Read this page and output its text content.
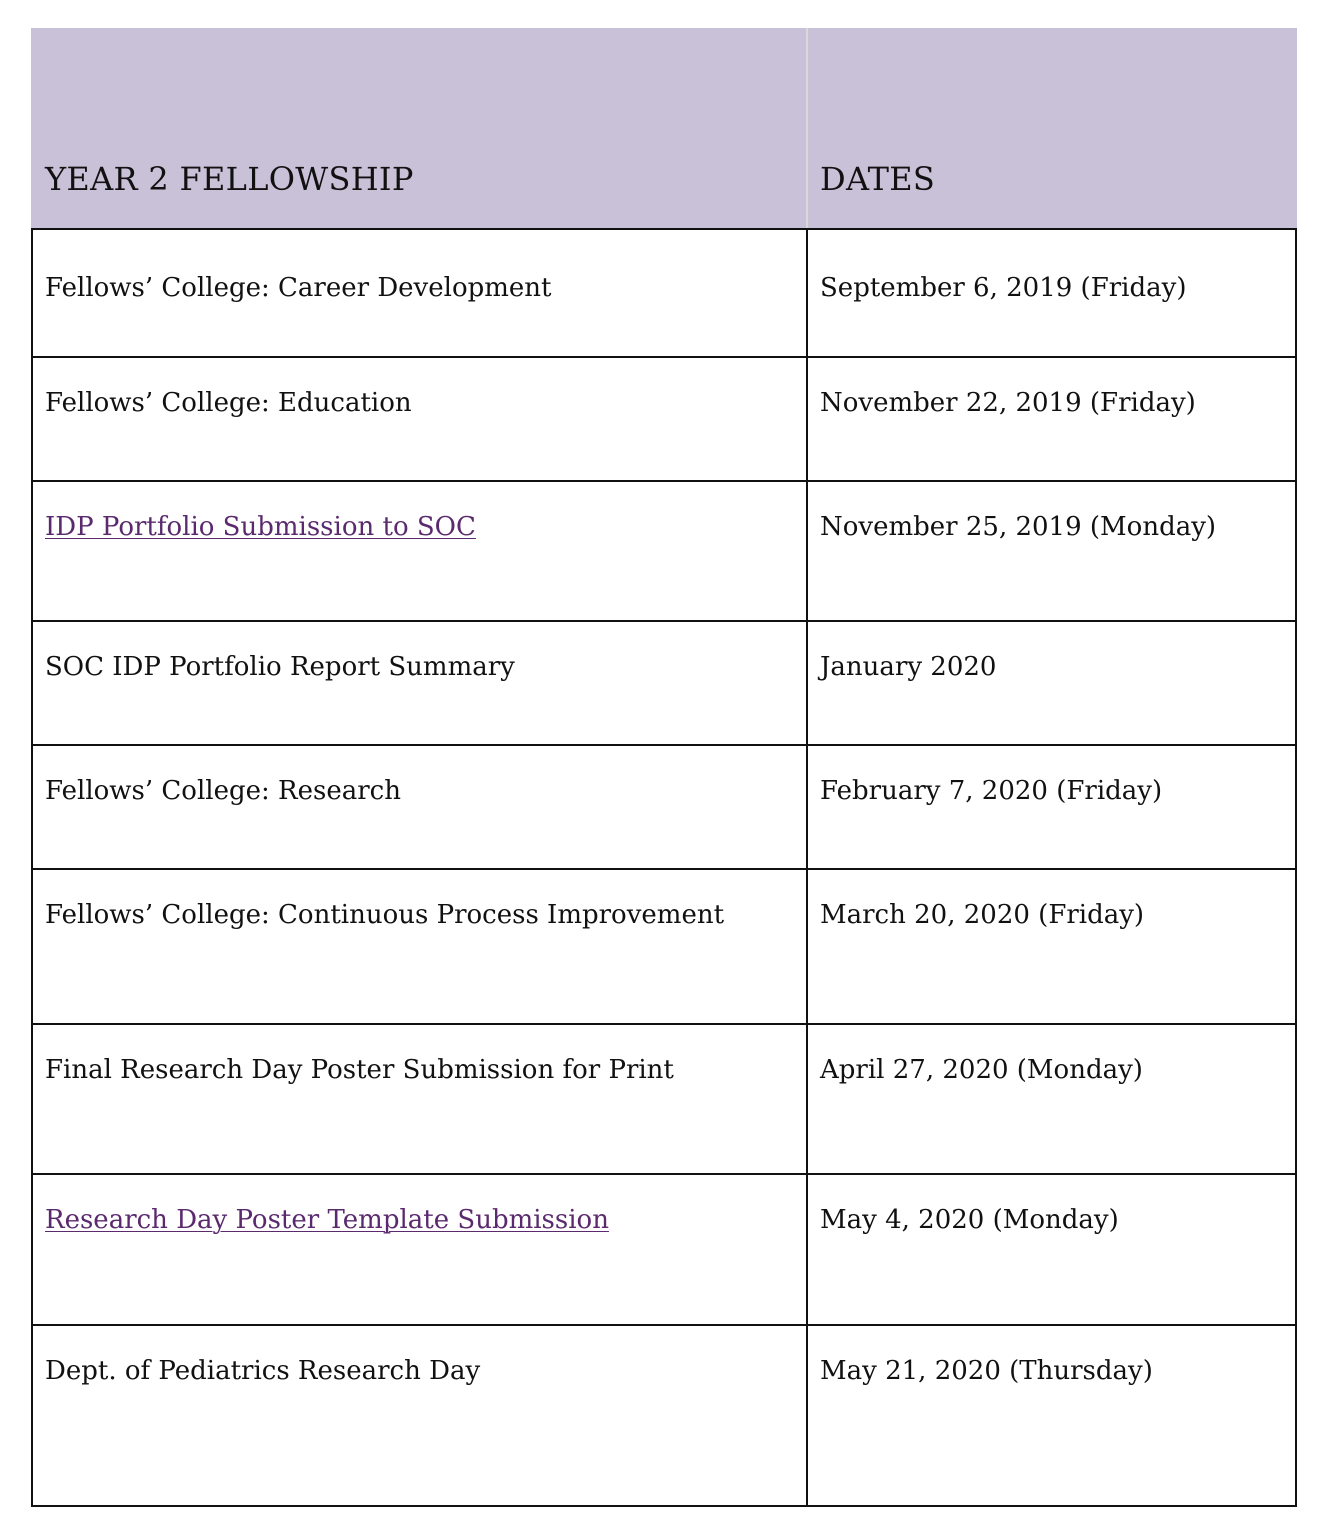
YEAR 2 FELLOWSHIP	DATES

Fellows’ College: Career Development	September 6, 2019 (Friday)

Fellows’ College: Education	November 22, 2019 (Friday)

IDP Portfolio Submission to SOC	November 25, 2019 (Monday)

SOC IDP Portfolio Report Summary	January 2020

Fellows’ College: Research	February 7, 2020 (Friday)

Fellows’ College: Continuous Process Improvement	March 20, 2020 (Friday)

Final Research Day Poster Submission for Print	April 27, 2020 (Monday)

Research Day Poster Template Submission	May 4, 2020 (Monday)

Dept. of Pediatrics Research Day	May 21, 2020 (Thursday)
